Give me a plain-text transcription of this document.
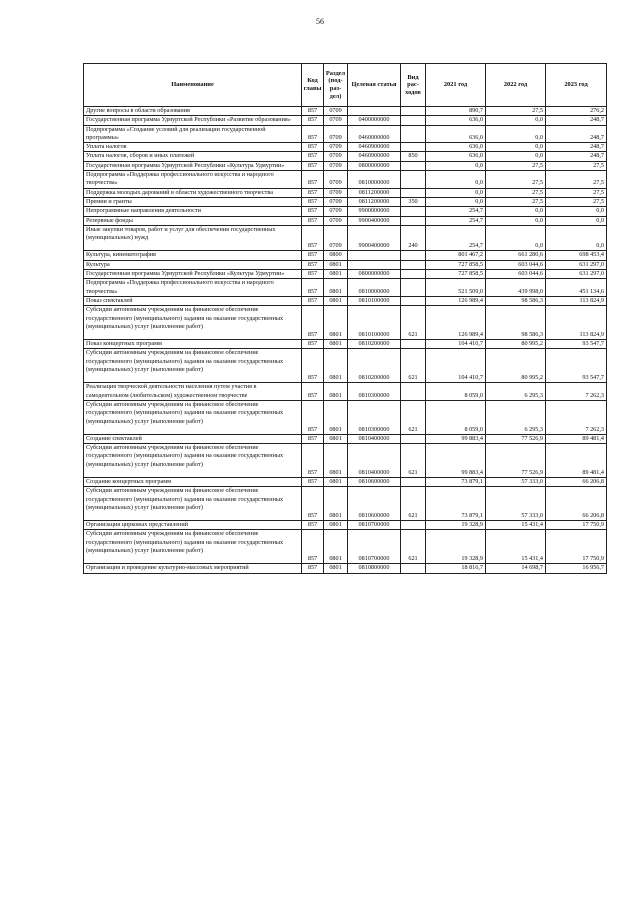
56
Наименование	Код главы	Раздел (под-раз-дел)	Целевая статья	Вид рас-ходов	2021 год	2022 год	2023 год
Другие вопросы в области образования	857	0709			890,7	27,5	276,2
Государственная программа Удмуртской Республики «Развитие образования»	857	0709	0400000000		636,0	0,0	248,7
Подпрограмма «Создание условий для реализации государственной программы»	857	0709	0460000000		636,0	0,0	248,7
Уплата налогов	857	0709	0460900000		636,0	0,0	248,7
Уплата налогов, сборов и иных платежей	857	0709	0460900000	850	636,0	0,0	248,7
Государственная программа Удмуртской Республики «Культура Удмуртии»	857	0709	0800000000		0,0	27,5	27,5
Подпрограмма «Поддержка профессионального искусства и народного творчества»	857	0709	0810000000		0,0	27,5	27,5
Поддержка молодых дарований в области художественного творчества	857	0709	0811200000		0,0	27,5	27,5
Премии и гранты	857	0709	0811200000	350	0,0	27,5	27,5
Непрограммные направления деятельности	857	0709	9900000000		254,7	0,0	0,0
Резервные фонды	857	0709	9900400000		254,7	0,0	0,0
Иные закупки товаров, работ и услуг для обеспечения государственных (муниципальных) нужд	857	0709	9900400000	240	254,7	0,0	0,0
Культура, кинематография	857	0800			801 467,2	661 280,6	698 453,4
Культура	857	0801			727 858,5	603 044,6	631 297,0
Государственная программа Удмуртской Республики «Культура Удмуртии»	857	0801	0800000000		727 858,5	603 044,6	631 297,0
Подпрограмма «Поддержка профессионального искусства и народного творчества»	857	0801	0810000000		521 509,0	439 998,0	451 134,6
Показ спектаклей	857	0801	0810100000		126 989,4	98 586,3	113 824,9
Субсидии автономным учреждениям на финансовое обеспечение государственного (муниципального) задания на оказание государственных (муниципальных) услуг (выполнение работ)	857	0801	0810100000	621	126 989,4	98 586,3	113 824,9
Показ концертных программ	857	0801	0810200000		104 410,7	80 995,2	93 547,7
Субсидии автономным учреждениям на финансовое обеспечение государственного (муниципального) задания на оказание государственных (муниципальных) услуг (выполнение работ)	857	0801	0810200000	621	104 410,7	80 995,2	93 547,7
Реализация творческой деятельности населения путем участия в самодеятельном (любительском) художественном творчестве	857	0801	0810300000		8 059,0	6 295,3	7 262,3
Субсидии автономным учреждениям на финансовое обеспечение государственного (муниципального) задания на оказание государственных (муниципальных) услуг (выполнение работ)	857	0801	0810300000	621	8 059,0	6 295,3	7 262,3
Создание спектаклей	857	0801	0810400000		99 883,4	77 526,9	89 481,4
Субсидии автономным учреждениям на финансовое обеспечение государственного (муниципального) задания на оказание государственных (муниципальных) услуг (выполнение работ)	857	0801	0810400000	621	99 883,4	77 526,9	89 481,4
Создание концертных программ	857	0801	0810600000		73 879,1	57 333,0	66 206,8
Субсидии автономным учреждениям на финансовое обеспечение государственного (муниципального) задания на оказание государственных (муниципальных) услуг (выполнение работ)	857	0801	0810600000	621	73 879,1	57 333,0	66 206,8
Организация цирковых представлений	857	0801	0810700000		19 328,9	15 431,4	17 750,9
Субсидии автономным учреждениям на финансовое обеспечение государственного (муниципального) задания на оказание государственных (муниципальных) услуг (выполнение работ)	857	0801	0810700000	621	19 328,9	15 431,4	17 750,9
Организация и проведение культурно-массовых мероприятий	857	0801	0810800000		18 816,7	14 698,7	16 956,7
